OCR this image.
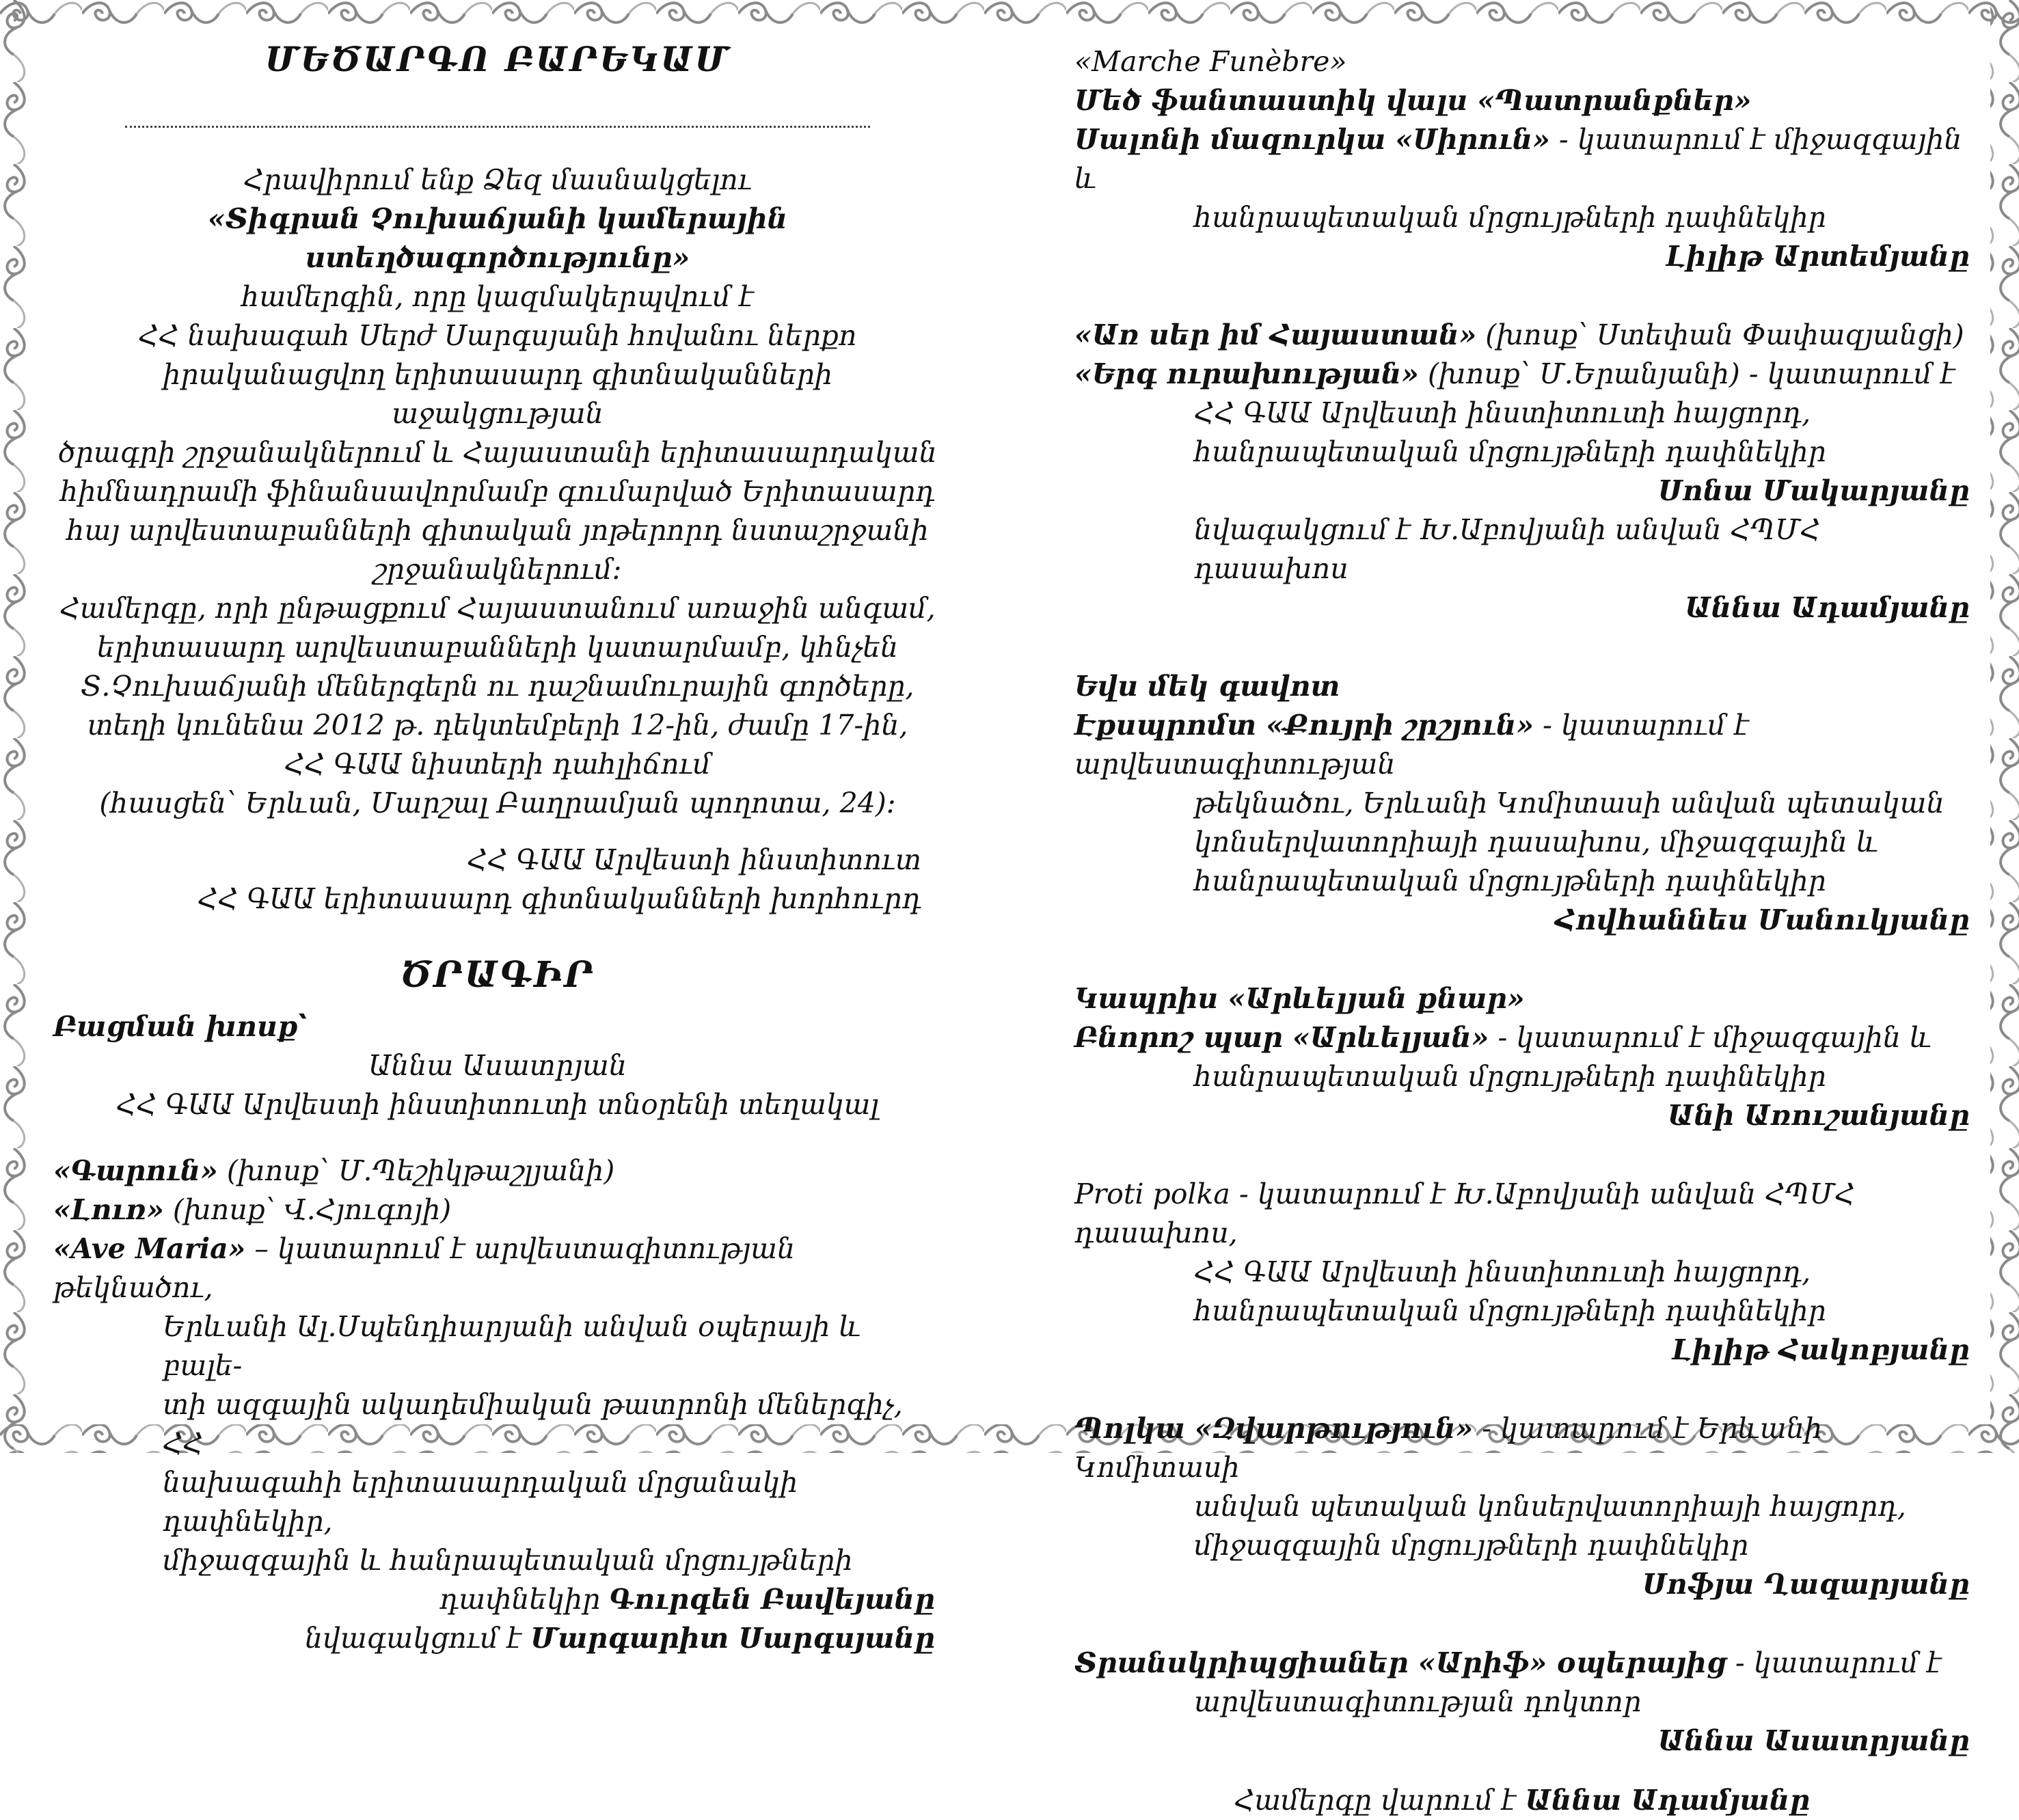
ՄԵԾԱՐԳՈ ԲԱՐԵԿԱՄ
Հրավիրում ենք Ձեզ մասնակցելու
«Տիգրան Չուխաճյանի կամերային ստեղծագործությունը»
համերգին, որը կազմակերպվում է
ՀՀ նախագահ Սերժ Սարգսյանի հովանու ներքո
իրականացվող երիտասարդ գիտնականների աջակցության
ծրագրի շրջանակներում և Հայաստանի երիտասարդական
հիմնադրամի ֆինանսավորմամբ գումարված Երիտասարդ
հայ արվեստաբանների գիտական յոթերորդ նստաշրջանի
շրջանակներում:
Համերգը, որի ընթացքում Հայաստանում առաջին անգամ,
երիտասարդ արվեստաբանների կատարմամբ, կհնչեն
Տ.Չուխաճյանի մեներգերն ու դաշնամուրային գործերը,
տեղի կունենա 2012 թ. դեկտեմբերի 12-ին, ժամը 17-ին,
ՀՀ ԳԱԱ նիստերի դահլիճում
(հասցեն՝ Երևան, Մարշալ Բաղրամյան պողոտա, 24):
ՀՀ ԳԱԱ Արվեստի ինստիտուտ
ՀՀ ԳԱԱ երիտասարդ գիտնականների խորհուրդ
ԾՐԱԳԻՐ
Բացման խոսք՝
Աննա Ասատրյան
ՀՀ ԳԱԱ Արվեստի ինստիտուտի տնօրենի տեղակալ
«Գարուն» (խոսք՝ Մ.Պեշիկթաշլյանի)
«Լուռ» (խոսք՝ Վ.Հյուգոյի)
«Ave Maria» – կատարում է արվեստագիտության թեկնածու,
Երևանի Ալ.Սպենդիարյանի անվան օպերայի և բալե-
տի ազգային ակադեմիական թատրոնի մեներգիչ, ՀՀ
նախագահի երիտասարդական մրցանակի դափնեկիր,
միջազգային և հանրապետական մրցույթների
դափնեկիր Գուրգեն Բավեյանը
նվագակցում է Մարգարիտ Սարգսյանը
«Marche Funèbre»
Մեծ ֆանտաստիկ վալս «Պատրանքներ»
Սալոնի մազուրկա «Սիրուն» - կատարում է միջազգային և
հանրապետական մրցույթների դափնեկիր
Լիլիթ Արտեմյանը
«Առ սեր իմ Հայաստան» (խոսք՝ Ստեփան Փափազյանցի)
«Երգ ուրախության» (խոսք՝ Մ.Երանյանի) - կատարում է
ՀՀ ԳԱԱ Արվեստի ինստիտուտի հայցորդ,
հանրապետական մրցույթների դափնեկիր
Սոնա Մակարյանը
նվագակցում է Խ.Աբովյանի անվան ՀՊՄՀ դասախոս
Աննա Ադամյանը
Եվս մեկ գավոտ
Էքսպրոմտ «Քույրի շրշյուն» - կատարում է արվեստագիտության
թեկնածու, Երևանի Կոմիտասի անվան պետական
կոնսերվատորիայի դասախոս, միջազգային և
հանրապետական մրցույթների դափնեկիր
Հովհաննես Մանուկյանը
Կապրիս «Արևելյան քնար»
Բնորոշ պար «Արևելյան» - կատարում է միջազգային և
հանրապետական մրցույթների դափնեկիր
Անի Առուշանյանը
Proti polka - կատարում է Խ.Աբովյանի անվան ՀՊՄՀ դասախոս,
ՀՀ ԳԱԱ Արվեստի ինստիտուտի հայցորդ,
հանրապետական մրցույթների դափնեկիր
Լիլիթ Հակոբյանը
Պոլկա «Զվարթություն» - կատարում է Երևանի Կոմիտասի
անվան պետական կոնսերվատորիայի հայցորդ,
միջազգային մրցույթների դափնեկիր
Սոֆյա Ղազարյանը
Տրանսկրիպցիաներ «Արիֆ» օպերայից - կատարում է
արվեստագիտության դոկտոր
Աննա Ասատրյանը
Համերգը վարում է Աննա Ադամյանը
